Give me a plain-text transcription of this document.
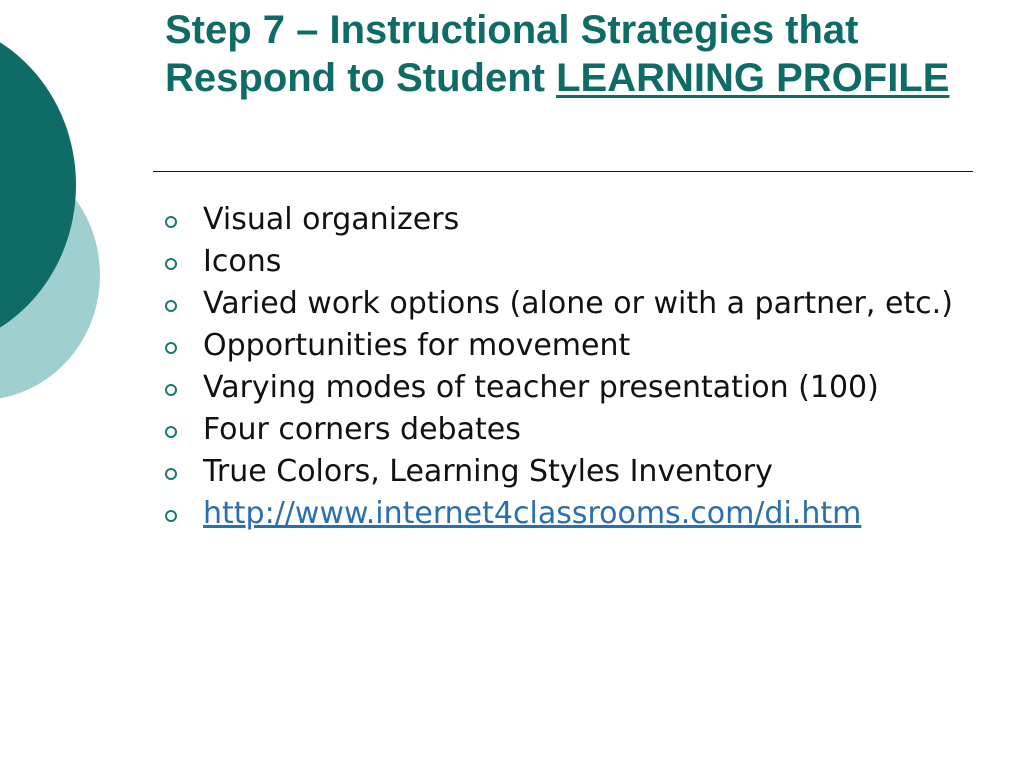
Step 7 – Instructional Strategies that Respond to Student LEARNING PROFILE
Visual organizers
Icons
Varied work options (alone or with a partner, etc.)
Opportunities for movement
Varying modes of teacher presentation (100)
Four corners debates
True Colors, Learning Styles Inventory
http://www.internet4classrooms.com/di.htm
